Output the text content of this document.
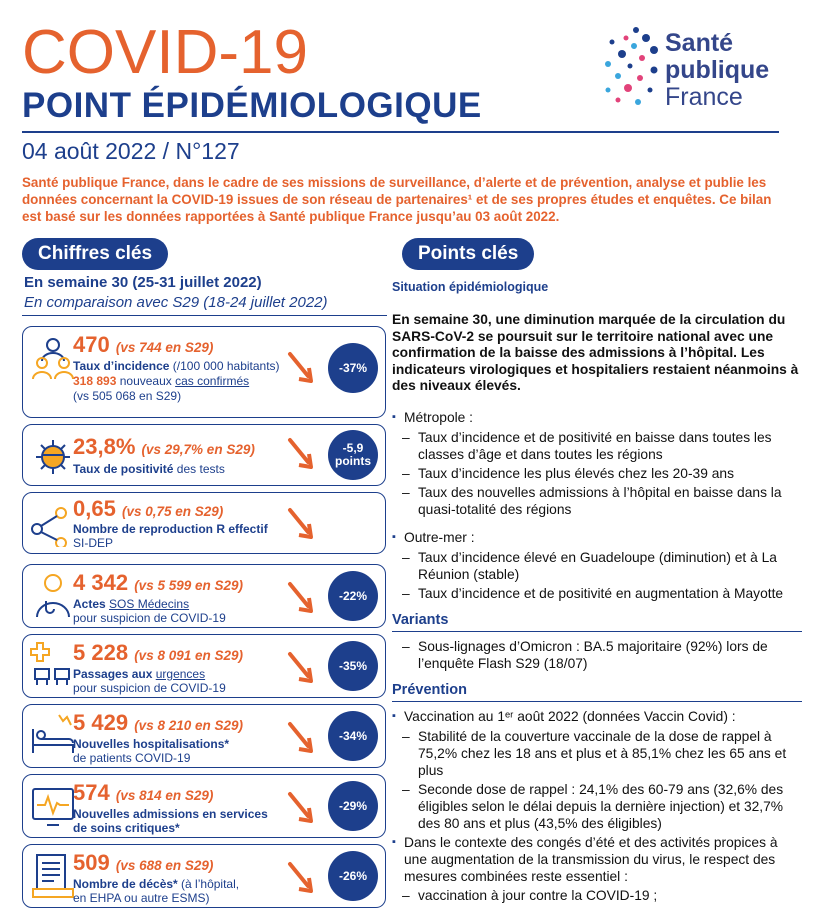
COVID-19
POINT ÉPIDÉMIOLOGIQUE
Santé
publique
France
04 août 2022 / N°127
Santé publique France, dans le cadre de ses missions de surveillance, d’alerte et de prévention, analyse et publie les données concernant la COVID-19 issues de son réseau de partenaires¹ et de ses propres études et enquêtes. Ce bilan est basé sur les données rapportées à Santé publique France jusqu’au 03 août 2022.
Chiffres clés
En semaine 30 (25-31 juillet 2022)
En comparaison avec S29 (18-24 juillet 2022)
470 (vs 744 en S29)
Taux d’incidence (/100 000 habitants)
318 893 nouveaux cas confirmés
(vs 505 068 en S29)
-37%
23,8% (vs 29,7% en S29)
Taux de positivité des tests
-5,9
points
0,65 (vs 0,75 en S29)
Nombre de reproduction R effectif
SI-DEP
4 342 (vs 5 599 en S29)
Actes SOS Médecins
pour suspicion de COVID-19
-22%
5 228 (vs 8 091 en S29)
Passages aux urgences
pour suspicion de COVID-19
-35%
5 429 (vs 8 210 en S29)
Nouvelles hospitalisations*
de patients COVID-19
-34%
574 (vs 814 en S29)
Nouvelles admissions en services
de soins critiques*
-29%
509 (vs 688 en S29)
Nombre de décès* (à l’hôpital,
en EHPA ou autre ESMS)
-26%
Points clés
Situation épidémiologique
En semaine 30, une diminution marquée de la circulation du SARS-CoV-2 se poursuit sur le territoire national avec une confirmation de la baisse des admissions à l’hôpital. Les indicateurs virologiques et hospitaliers restaient néanmoins à des niveaux élevés.
▪ Métropole :
– Taux d’incidence et de positivité en baisse dans toutes les classes d’âge et dans toutes les régions
– Taux d’incidence les plus élevés chez les 20-39 ans
– Taux des nouvelles admissions à l’hôpital en baisse dans la quasi-totalité des régions
▪ Outre-mer :
– Taux d’incidence élevé en Guadeloupe (diminution) et à La Réunion (stable)
– Taux d’incidence et de positivité en augmentation à Mayotte
Variants
– Sous-lignages d’Omicron : BA.5 majoritaire (92%) lors de l’enquête Flash S29 (18/07)
Prévention
▪ Vaccination au 1ᵉʳ août 2022 (données Vaccin Covid) :
– Stabilité de la couverture vaccinale de la dose de rappel à 75,2% chez les 18 ans et plus et à 85,1% chez les 65 ans et plus
– Seconde dose de rappel : 24,1% des 60-79 ans (32,6% des éligibles selon le délai depuis la dernière injection) et 32,7% des 80 ans et plus (43,5% des éligibles)
▪ Dans le contexte des congés d’été et des activités propices à une augmentation de la transmission du virus, le respect des mesures combinées reste essentiel :
– vaccination à jour contre la COVID-19 ;
